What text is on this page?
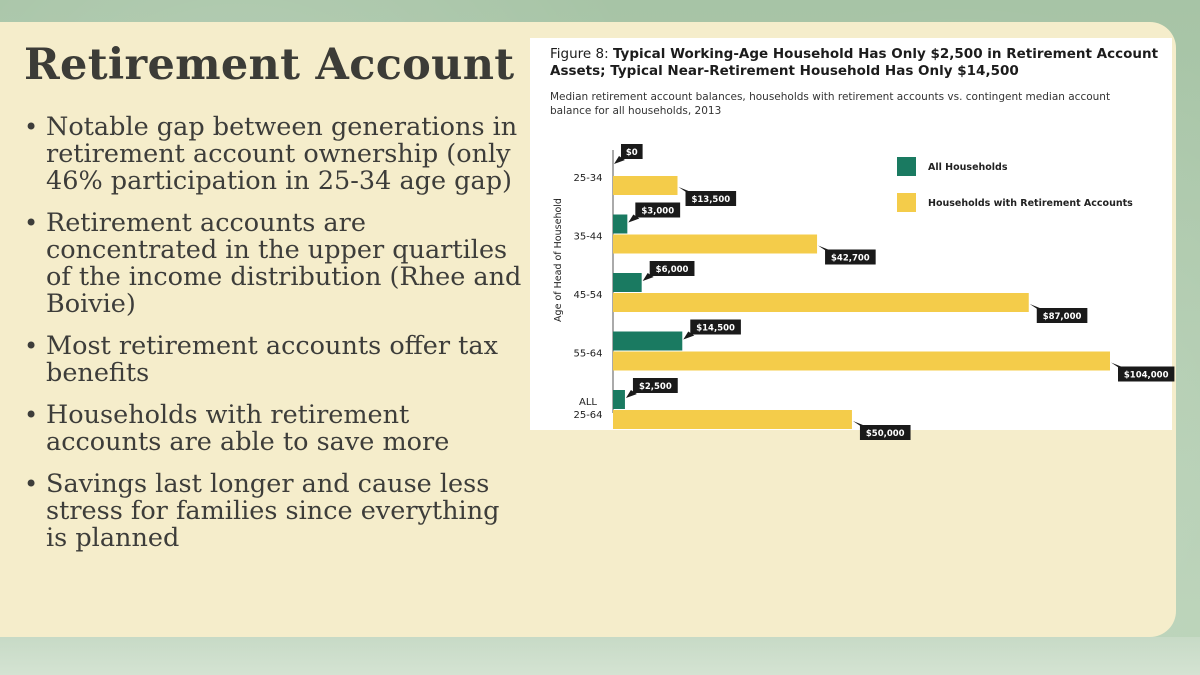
Retirement Account
• Notable gap between generations in retirement account ownership (only 46% participation in 25-34 age gap)
• Retirement accounts are concentrated in the upper quartiles of the income distribution (Rhee and Boivie)
• Most retirement accounts offer tax benefits
• Households with retirement accounts are able to save more
• Savings last longer and cause less stress for families since everything is planned

Figure 8: Typical Working-Age Household Has Only $2,500 in Retirement Account Assets; Typical Near-Retirement Household Has Only $14,500

Median retirement account balances, households with retirement accounts vs. contingent median account balance for all households, 2013

Age of Head of Household
25-34
$0
$13,500
35-44
$3,000
$42,700
45-54
$6,000
$87,000
55-64
$14,500
$104,000
ALL
25-64
$2,500
$50,000
All Households
Households with Retirement Accounts
